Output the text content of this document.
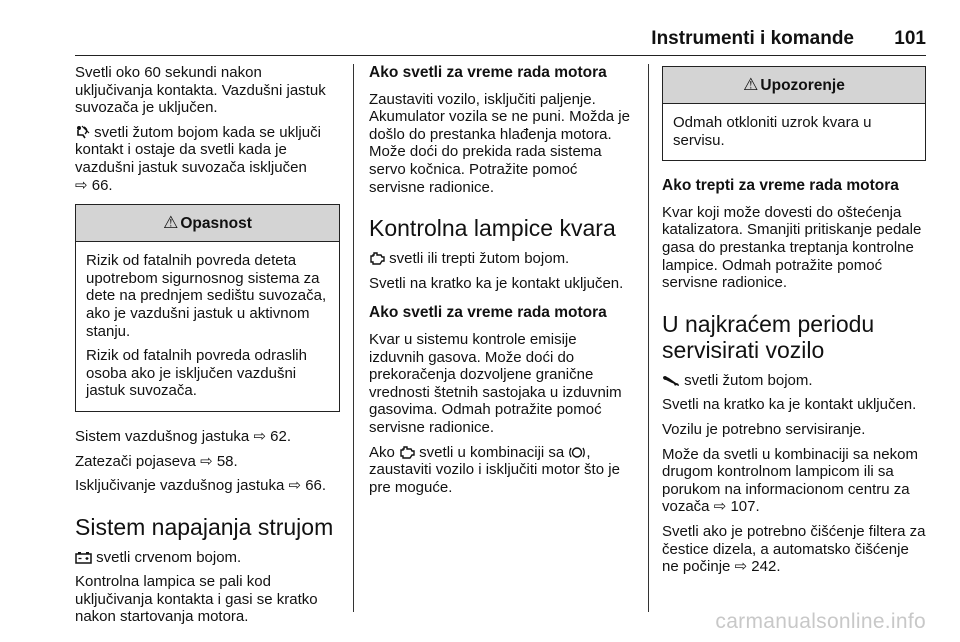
Instrumenti i komande 101

Svetli oko 60 sekundi nakon uključivanja kontakta. Vazdušni jastuk suvozača je uključen.

svetli žutom bojom kada se uključi kontakt i ostaje da svetli kada je vazdušni jastuk suvozača isključen
⇨ 66.

⚠ Opasnost

Rizik od fatalnih povreda deteta upotrebom sigurnosnog sistema za dete na prednjem sedištu suvozača, ako je vazdušni jastuk u aktivnom stanju.

Rizik od fatalnih povreda odraslih osoba ako je isključen vazdušni jastuk suvozača.

Sistem vazdušnog jastuka ⇨ 62.

Zatezači pojaseva ⇨ 58.

Isključivanje vazdušnog jastuka ⇨ 66.

Sistem napajanja strujom

svetli crvenom bojom.

Kontrolna lampica se pali kod uključivanja kontakta i gasi se kratko nakon startovanja motora.

Ako svetli za vreme rada motora

Zaustaviti vozilo, isključiti paljenje. Akumulator vozila se ne puni. Možda je došlo do prestanka hlađenja motora. Može doći do prekida rada sistema servo kočnica. Potražite pomoć servisne radionice.

Kontrolna lampice kvara

svetli ili trepti žutom bojom.

Svetli na kratko ka je kontakt uključen.

Ako svetli za vreme rada motora

Kvar u sistemu kontrole emisije izduvnih gasova. Može doći do prekoračenja dozvoljene granične vrednosti štetnih sastojaka u izduvnim gasovima. Odmah potražite pomoć servisne radionice.

Ako  svetli u kombinaciji sa , zaustaviti vozilo i isključiti motor što je pre moguće.

⚠ Upozorenje

Odmah otkloniti uzrok kvara u servisu.

Ako trepti za vreme rada motora

Kvar koji može dovesti do oštećenja katalizatora. Smanjiti pritiskanje pedale gasa do prestanka treptanja kontrolne lampice. Odmah potražite pomoć servisne radionice.

U najkraćem periodu servisirati vozilo

svetli žutom bojom.

Svetli na kratko ka je kontakt uključen.

Vozilu je potrebno servisiranje.

Može da svetli u kombinaciji sa nekom drugom kontrolnom lampicom ili sa porukom na informacionom centru za vozača ⇨ 107.

Svetli ako je potrebno čišćenje filtera za čestice dizela, a automatsko čišćenje ne počinje ⇨ 242.

carmanualsonline.info
